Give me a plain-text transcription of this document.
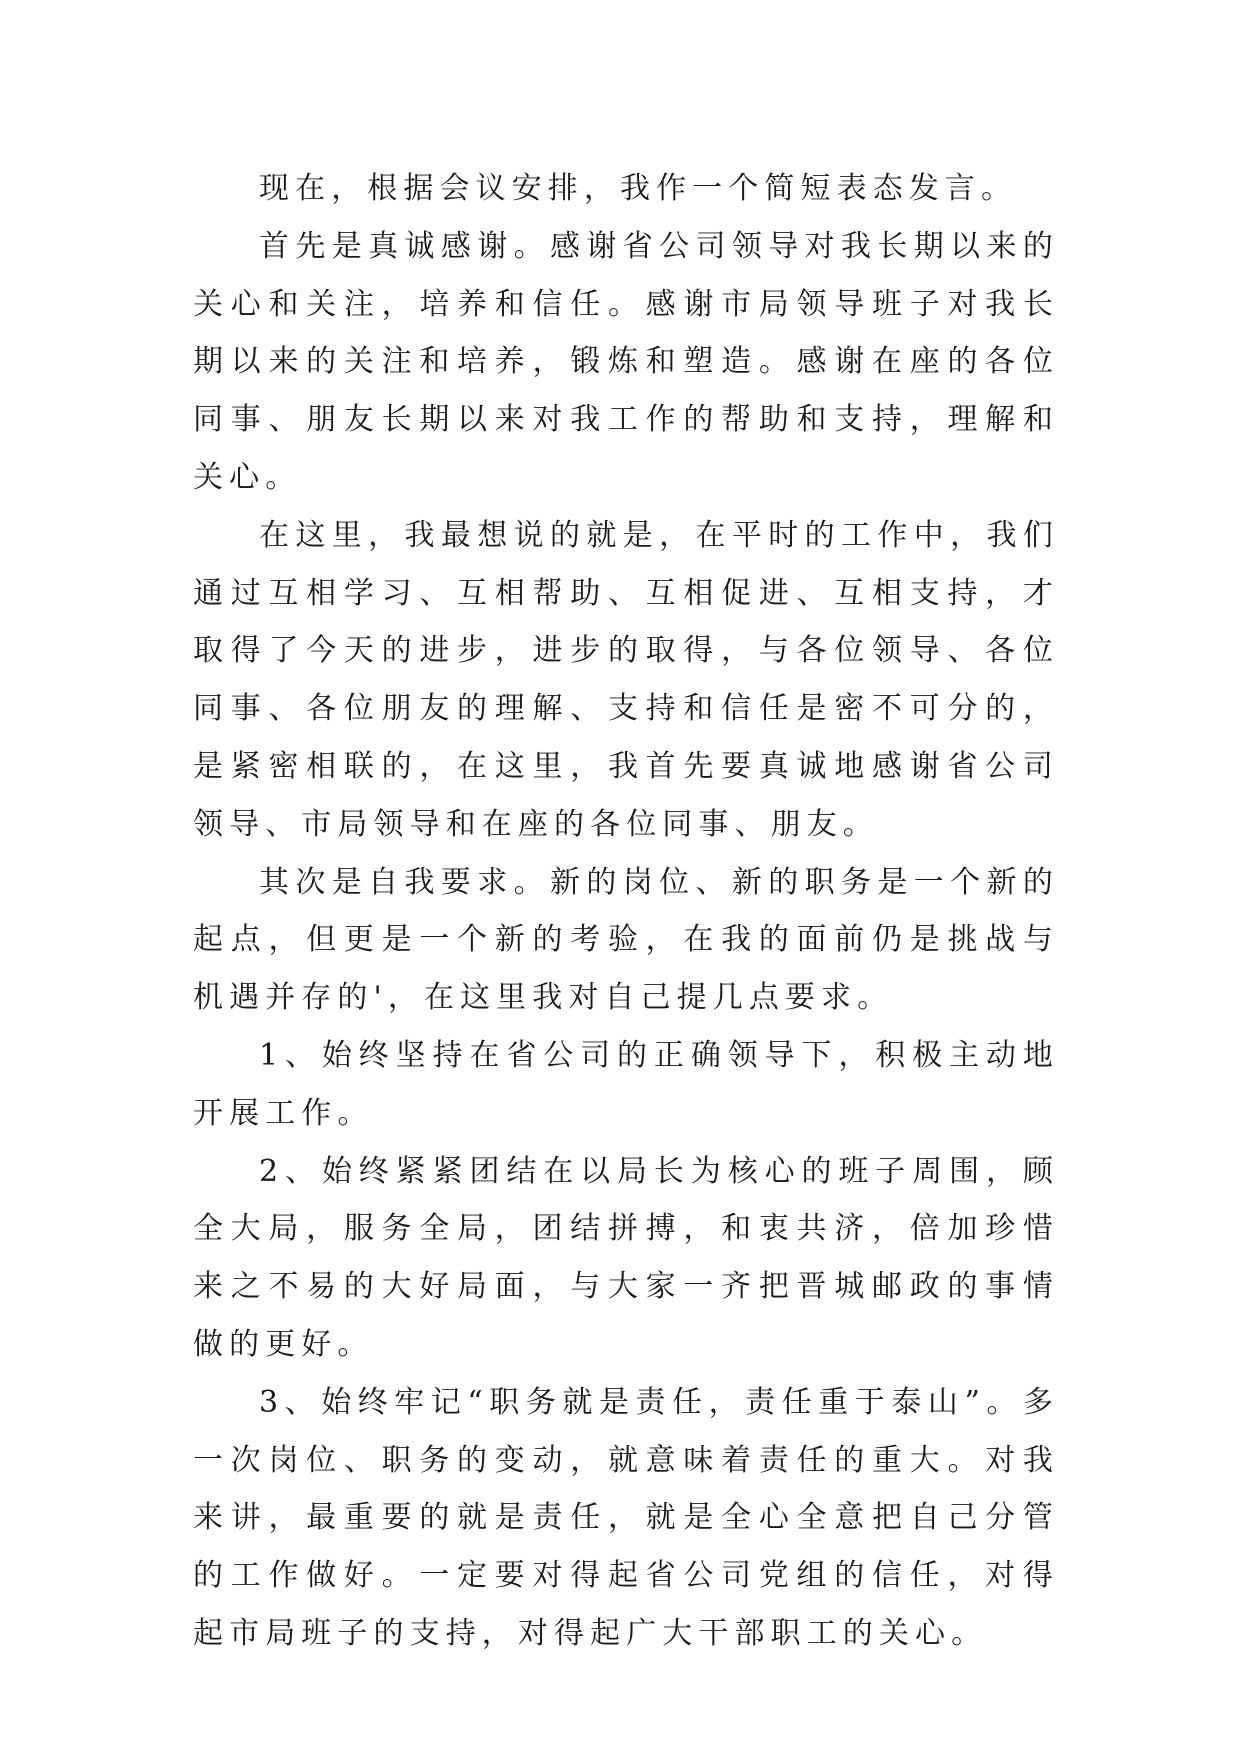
现在，根据会议安排，我作一个简短表态发言。

首先是真诚感谢。感谢省公司领导对我长期以来的关心和关注，培养和信任。感谢市局领导班子对我长期以来的关注和培养，锻炼和塑造。感谢在座的各位同事、朋友长期以来对我工作的帮助和支持，理解和关心。

在这里，我最想说的就是，在平时的工作中，我们通过互相学习、互相帮助、互相促进、互相支持，才取得了今天的进步，进步的取得，与各位领导、各位同事、各位朋友的理解、支持和信任是密不可分的，是紧密相联的，在这里，我首先要真诚地感谢省公司领导、市局领导和在座的各位同事、朋友。

其次是自我要求。新的岗位、新的职务是一个新的起点，但更是一个新的考验，在我的面前仍是挑战与机遇并存的'，在这里我对自己提几点要求。

1、始终坚持在省公司的正确领导下，积极主动地开展工作。

2、始终紧紧团结在以局长为核心的班子周围，顾全大局，服务全局，团结拼搏，和衷共济，倍加珍惜来之不易的大好局面，与大家一齐把晋城邮政的事情做的更好。

3、始终牢记“职务就是责任，责任重于泰山”。多一次岗位、职务的变动，就意味着责任的重大。对我来讲，最重要的就是责任，就是全心全意把自己分管的工作做好。一定要对得起省公司党组的信任，对得起市局班子的支持，对得起广大干部职工的关心。
